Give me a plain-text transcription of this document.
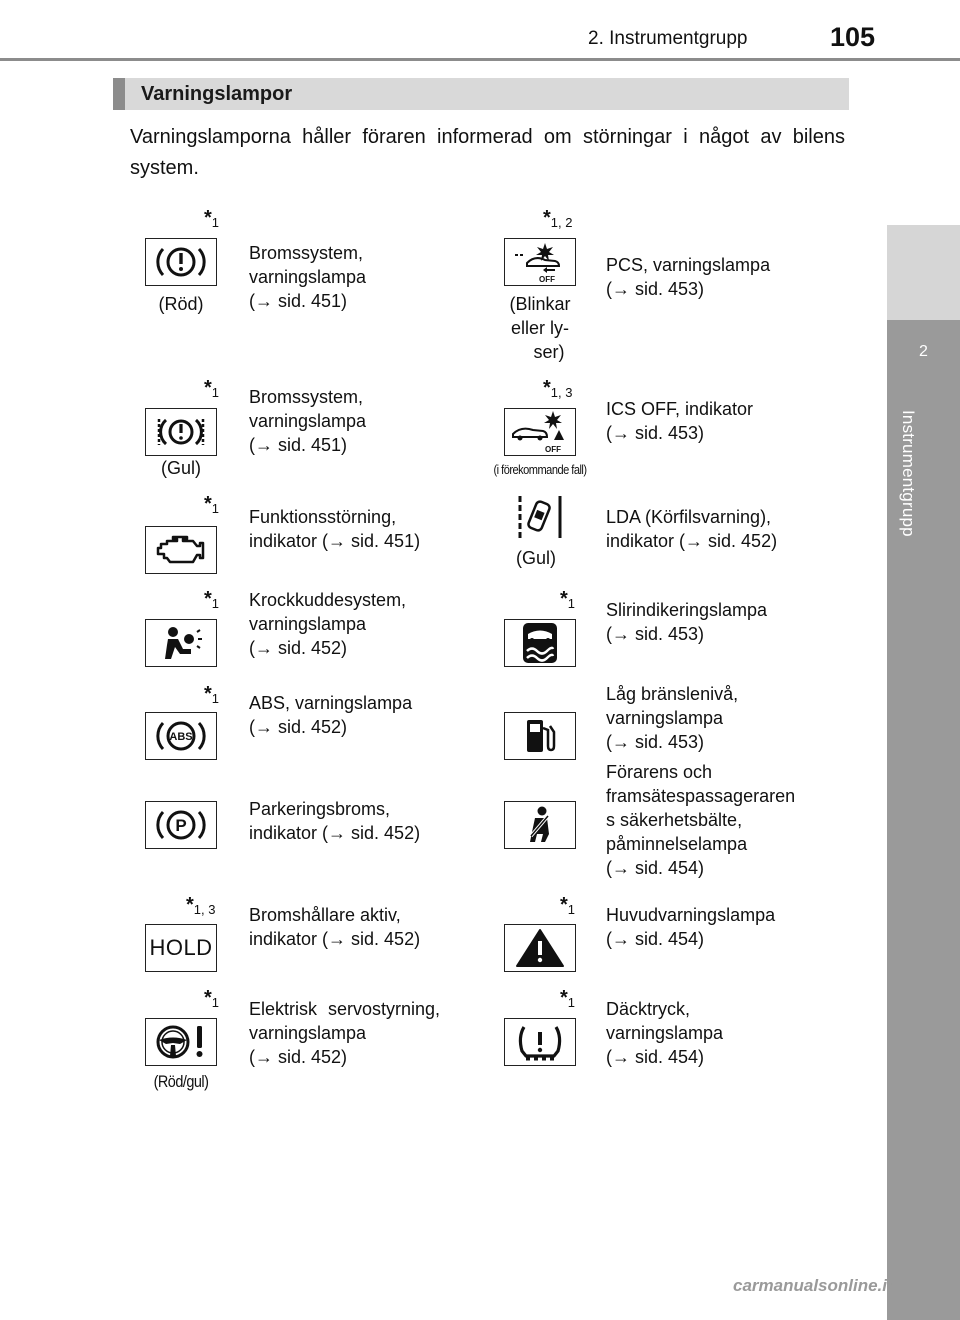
2. Instrumentgrupp	105
2
Instrumentgrupp
Varningslampor
Varningslamporna håller föraren informerad om störningar i något av bilens system.
$*_1$
(Röd)
Bromssystem,
varningslampa
(→ sid. 451)
$*_1$
(Gul)
Bromssystem,
varningslampa
(→ sid. 451)
$*_1$ Funktionsstörning,
indikator (→ sid. 451)
$*_1$ Krockkuddesystem,
varningslampa
(→ sid. 452)
$*_1$
ABS
ABS, varningslampa
(→ sid. 452)
P
Parkeringsbroms,
indikator (→ sid. 452)
$*_{1, 3}$
HOLD
Bromshållare aktiv,
indikator (→ sid. 452)
$*_1$
(Röd/gul)
Elektrisk servostyrning,
varningslampa
(→ sid. 452)
$*_{1, 2}$
OFF
(Blinkar
eller ly-
ser)
PCS, varningslampa
(→ sid. 453)
$*_{1, 3}$
OFF
(i förekommande fall)
ICS OFF, indikator
(→ sid. 453)
(Gul)
LDA (Körfilsvarning),
indikator (→ sid. 452)
$*_1$ Slirindikeringslampa
(→ sid. 453)
Låg bränslenivå,
varningslampa
(→ sid. 453)
Förarens och
framsätespassageraren
s säkerhetsbälte,
påminnelselampa
(→ sid. 454)
$*_1$ Huvudvarningslampa
(→ sid. 454)
$*_1$ Däcktryck,
varningslampa
(→ sid. 454)
carmanualsonline.info
